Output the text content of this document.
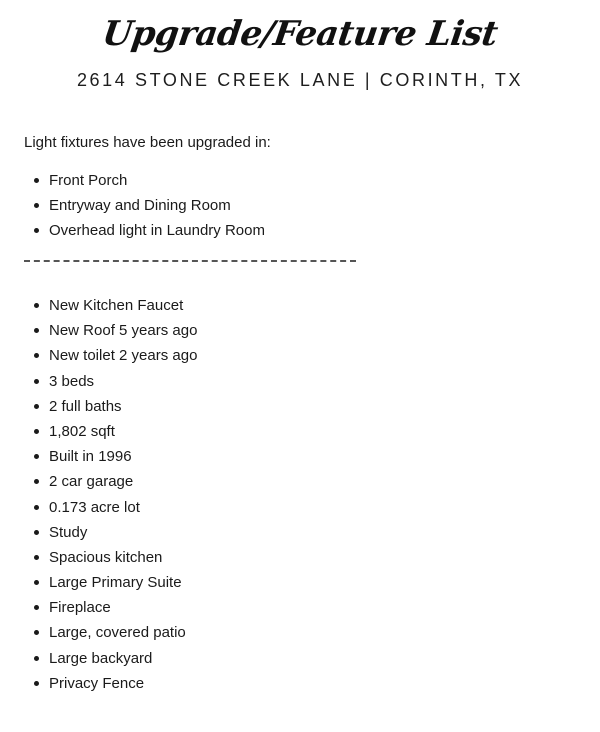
Upgrade/Feature List
2614 STONE CREEK LANE | CORINTH, TX
Light fixtures have been upgraded in:
Front Porch
Entryway and Dining Room
Overhead light in Laundry Room
New Kitchen Faucet
New Roof 5 years ago
New toilet 2 years ago
3 beds
2 full baths
1,802 sqft
Built in 1996
2 car garage
0.173 acre lot
Study
Spacious kitchen
Large Primary Suite
Fireplace
Large, covered patio
Large backyard
Privacy Fence
